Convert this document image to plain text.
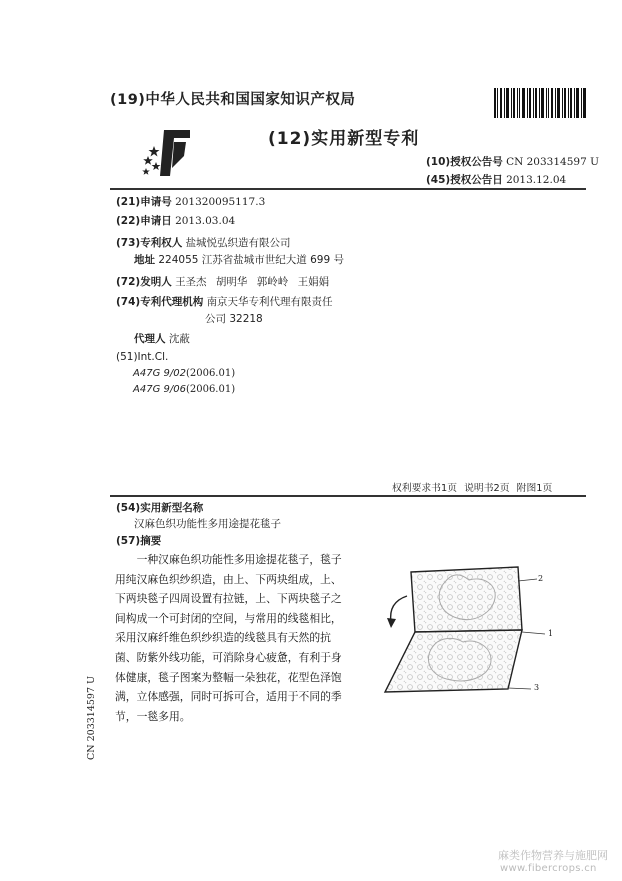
(19)中华人民共和国国家知识产权局
(12)实用新型专利
(10)授权公告号 CN 203314597 U
(45)授权公告日 2013.12.04
(21)申请号 201320095117.3
(22)申请日 2013.03.04
(73)专利权人 盐城悦弘织造有限公司
地址 224055 江苏省盐城市世纪大道 699 号
(72)发明人 王圣杰 胡明华 郭岭岭 王娟娟
(74)专利代理机构 南京天华专利代理有限责任
公司 32218
代理人 沈蔽
(51)Int.Cl.
A47G 9/02(2006.01)
A47G 9/06(2006.01)
权利要求书1页 说明书2页 附图1页
(54)实用新型名称
汉麻色织功能性多用途提花毯子
(57)摘要
一种汉麻色织功能性多用途提花毯子，毯子用纯汉麻色织纱织造，由上、下两块组成，上、下两块毯子四周设置有拉链，上、下两块毯子之间构成一个可封闭的空间，与常用的线毯相比，采用汉麻纤维色织纱织造的线毯具有天然的抗菌、防紫外线功能，可消除身心疲惫，有利于身体健康，毯子图案为整幅一朵独花，花型色泽饱满，立体感强，同时可拆可合，适用于不同的季节，一毯多用。
2
1
3
CN 203314597 U
麻类作物营养与施肥网
www.fibercrops.cn
